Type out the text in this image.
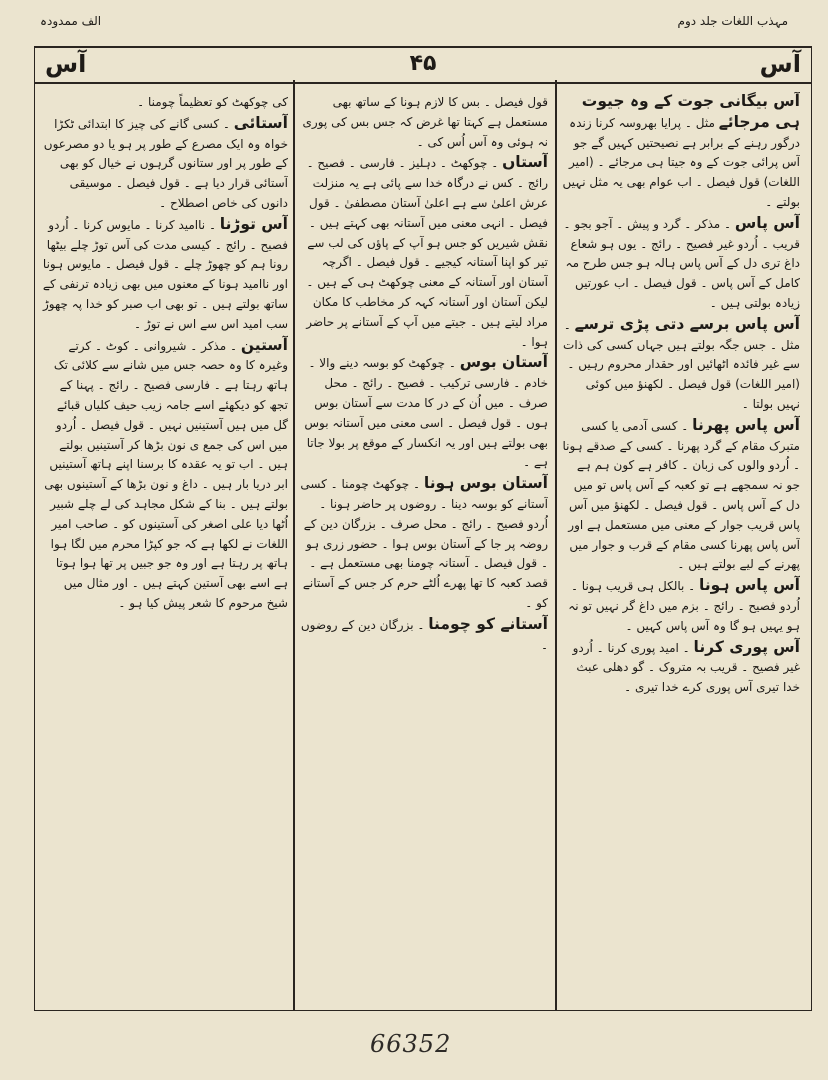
مہذب اللغات جلد دوم
الف ممدودہ
آس
۴۵
آس
آس بیگانی جوت کے وہ جیوت ہی مرجائے مثل ۔ پرایا بھروسہ کرنا زندہ درگور رہنے کے برابر ہے نصیحتیں کہیں گے جو آس پرائی جوت کے وہ جیتا ہی مرجائے ۔ (امیر اللغات) قول فیصل ۔ اب عوام بھی یہ مثل نہیں بولتے ۔
آس پاس ۔ مذکر ۔ گرد و پیش ۔ آجو بجو ۔ قریب ۔ اُردو غیر فصیح ۔ رائج ۔ یوں ہو شعاع داغ تری دل کے آس پاس ہالہ ہو جس طرح مہ کامل کے آس پاس ۔ قول فیصل ۔ اب عورتیں زیادہ بولتی ہیں ۔
آس پاس برسے دتی پڑی ترسے ۔ مثل ۔ جس جگہ بولتے ہیں جہاں کسی کی ذات سے غیر فائدہ اٹھائیں اور حقدار محروم رہیں ۔ (امیر اللغات) قول فیصل ۔ لکھنؤ میں کوئی نہیں بولتا ۔
آس پاس پھرنا ۔ کسی آدمی یا کسی متبرک مقام کے گرد پھرنا ۔ کسی کے صدقے ہونا ۔ اُردو والوں کی زبان ۔ کافر ہے کون ہم ہے جو نہ سمجھے ہے تو کعبہ کے آس پاس تو میں دل کے آس پاس ۔ قول فیصل ۔ لکھنؤ میں آس پاس قریب جوار کے معنی میں مستعمل ہے اور آس پاس پھرنا کسی مقام کے قرب و جوار میں پھرنے کے لیے بولتے ہیں ۔
آس پاس ہونا ۔ بالکل ہی قریب ہونا ۔ اُردو فصیح ۔ رائج ۔ بزم میں داغ گر نہیں تو نہ ہو یہیں ہو گا وہ آس پاس کہیں ۔
آس پوری کرنا ۔ امید پوری کرنا ۔ اُردو غیر فصیح ۔ قریب بہ متروک ۔ گو دھلی عبث خدا تیری آس پوری کرے خدا تیری ۔
قول فیصل ۔ بس کا لازم ہونا کے ساتھ بھی مستعمل ہے کہتا تھا غرض کہ جس بس کی پوری نہ ہوئی وہ آس اُس کی ۔
آستاں ۔ چوکھٹ ۔ دہلیز ۔ فارسی ۔ فصیح ۔ رائج ۔ کس نے درگاہ خدا سے پائی ہے یہ منزلت عرش اعلیٰ سے ہے اعلیٰ آستان مصطفیٰ ۔ قول فیصل ۔ انہی معنی میں آستانہ بھی کہتے ہیں ۔ نقش شیریں کو جس ہو آپ کے پاؤں کی لب سے تیر کو اپنا آستانہ کیجیے ۔ قول فیصل ۔ اگرچہ آستان اور آستانہ کے معنی چوکھٹ ہی کے ہیں ۔ لیکن آستان اور آستانہ کہہ کر مخاطب کا مکان مراد لیتے ہیں ۔ جیتے میں آپ کے آستانے پر حاضر ہوا ۔
آستان بوس ۔ چوکھٹ کو بوسہ دینے والا ۔ خادم ۔ فارسی ترکیب ۔ فصیح ۔ رائج ۔ محل صرف ۔ میں اُن کے در کا مدت سے آستان بوس ہوں ۔ قول فیصل ۔ اسی معنی میں آستانہ بوس بھی بولتے ہیں اور یہ انکسار کے موقع پر بولا جاتا ہے ۔
آستان بوس ہونا ۔ چوکھٹ چومنا ۔ کسی آستانے کو بوسہ دینا ۔ روضوں پر حاضر ہونا ۔ اُردو فصیح ۔ رائج ۔ محل صرف ۔ بزرگان دین کے روضہ پر جا کے آستان بوس ہوا ۔ حضور زری ہو ۔ قول فیصل ۔ آستانہ چومنا بھی مستعمل ہے ۔ قصد کعبہ کا تھا پھرے اُلٹے حرم کر جس کے آستانے کو ۔
آستانے کو چومنا ۔ بزرگان دین کے روضوں ۔
کی چوکھٹ کو تعظیماً چومنا ۔
آستائی ۔ کسی گانے کی چیز کا ابتدائی ٹکڑا خواہ وہ ایک مصرع کے طور پر ہو یا دو مصرعوں کے طور پر اور ستانوں گرہوں نے خیال کو بھی آستائی قرار دیا ہے ۔ قول فیصل ۔ موسیقی دانوں کی خاص اصطلاح ۔
آس توڑنا ۔ ناامید کرنا ۔ مایوس کرنا ۔ اُردو فصیح ۔ رائج ۔ کیسی مدت کی آس توڑ چلے بیٹھا رونا ہم کو چھوڑ چلے ۔ قول فیصل ۔ مایوس ہونا اور ناامید ہونا کے معنوں میں بھی زیادہ ترنفی کے ساتھ بولتے ہیں ۔ تو بھی اب صبر کو خدا پہ چھوڑ سب امید اس سے اس نے توڑ ۔
آستین ۔ مذکر ۔ شیروانی ۔ کوٹ ۔ کرتے وغیرہ کا وہ حصہ جس میں شانے سے کلائی تک ہاتھ رہتا ہے ۔ فارسی فصیح ۔ رائج ۔ پہنا کے تجھ کو دیکھئے اسے جامہ زیب حیف کلیاں قبائے گل میں ہیں آستینیں نہیں ۔ قول فیصل ۔ اُردو میں اس کی جمع ی نون بڑھا کر آستینیں بولتے ہیں ۔ اب تو یہ عقدہ کا برسنا اپنے ہاتھ آستینیں ابر دریا بار ہیں ۔ داغ و نون بڑھا کے آستینوں بھی بولتے ہیں ۔ بنا کے شکل مجاہد کی لے چلے شبیر اُٹھا دیا علی اصغر کی آستینوں کو ۔ صاحب امیر اللغات نے لکھا ہے کہ جو کپڑا محرم میں لگا ہوا ہاتھ پر رہتا ہے اور وہ جو جبیں پر تھا ہوا ہوتا ہے اسے بھی آستین کہتے ہیں ۔ اور مثال میں شیخ مرحوم کا شعر پیش کیا ہو ۔
66352
